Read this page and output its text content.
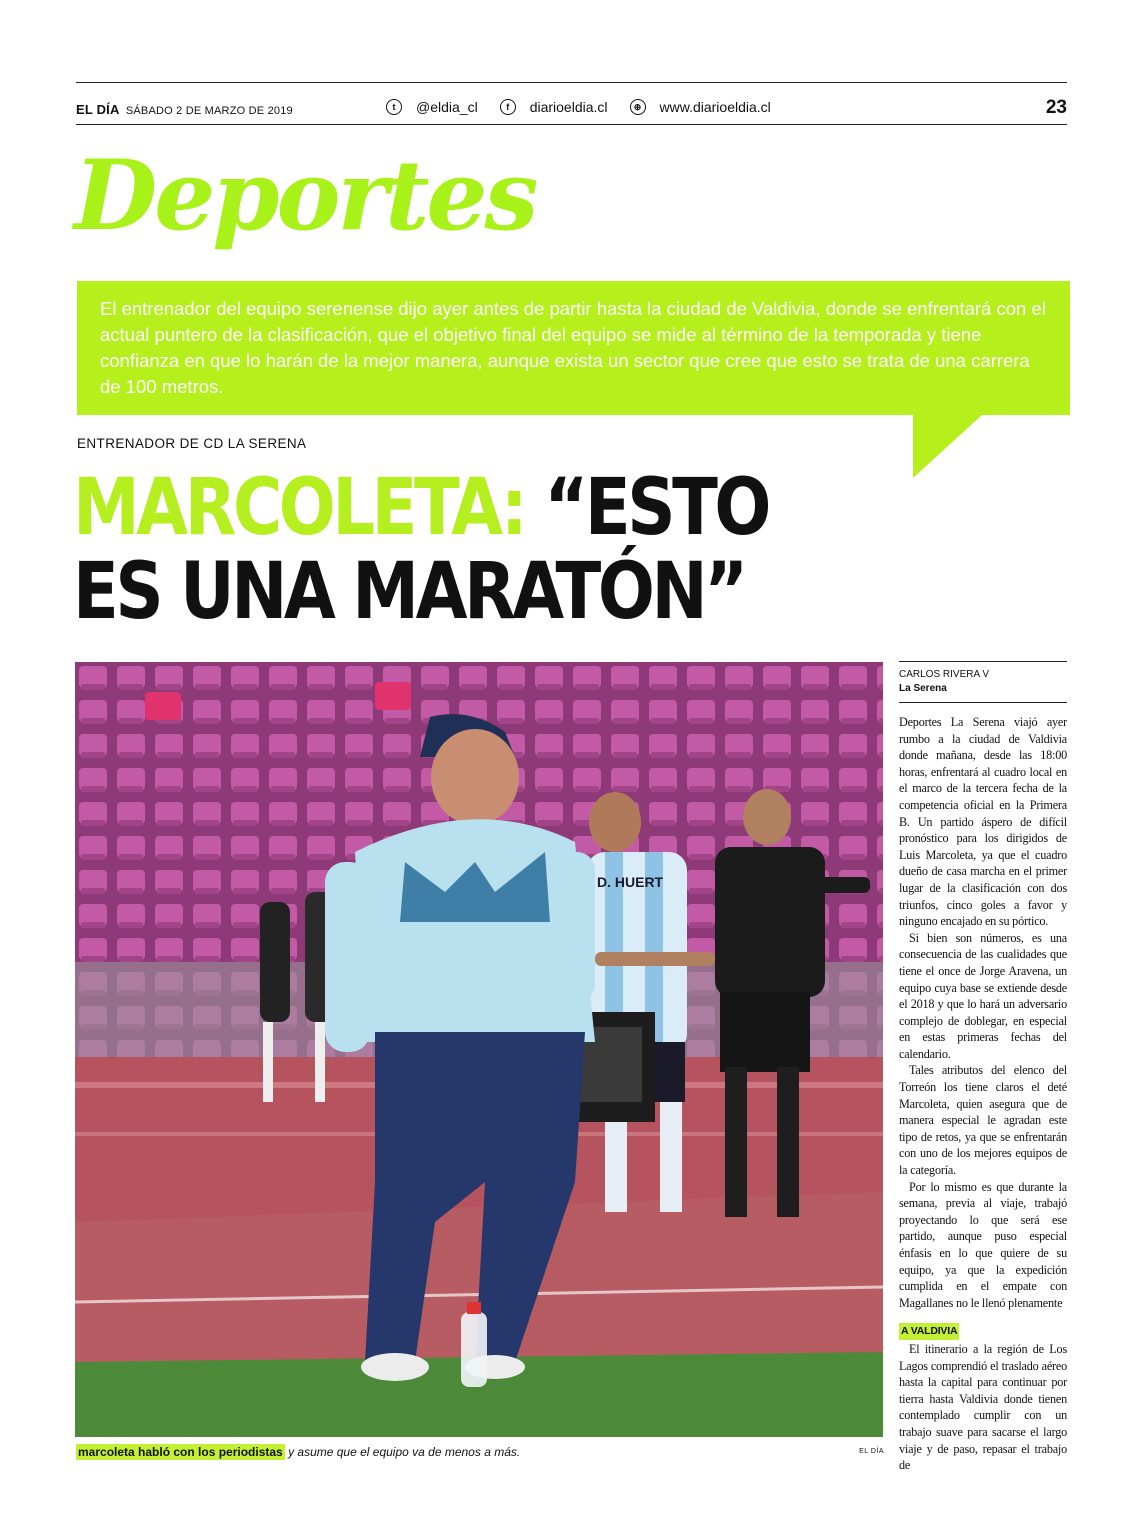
EL DÍA SÁBADO 2 DE MARZO DE 2019	t	@eldia_cl	f	diarioeldia.cl	⊕	www.diarioeldia.cl	23
Deportes

El entrenador del equipo serenense dijo ayer antes de partir hasta la ciudad de Valdivia, donde se enfrentará con el actual puntero de la clasificación, que el objetivo final del equipo se mide al término de la temporada y tiene confianza en que lo harán de la mejor manera, aunque exista un sector que cree que esto se trata de una carrera de 100 metros.

ENTRENADOR DE CD LA SERENA
MARCOLETA: “ESTO
ES UNA MARATÓN”
D. HUERT
marcoleta habló con los periodistas y asume que el equipo va de menos a más.	EL DÍA
CARLOS RIVERA V
La Serena

Deportes La Serena viajó ayer rumbo a la ciudad de Valdivia donde mañana, desde las 18:00 horas, enfrentará al cuadro local en el marco de la tercera fecha de la competencia oficial en la Primera B. Un partido áspero de difícil pronóstico para los dirigidos de Luis Marcoleta, ya que el cuadro dueño de casa marcha en el primer lugar de la clasificación con dos triunfos, cinco goles a favor y ninguno encajado en su pórtico.

Si bien son números, es una consecuencia de las cualidades que tiene el once de Jorge Aravena, un equipo cuya base se extiende desde el 2018 y que lo hará un adversario complejo de doblegar, en especial en estas primeras fechas del calendario.

Tales atributos del elenco del Torreón los tiene claros el deté Marcoleta, quien asegura que de manera especial le agradan este tipo de retos, ya que se enfrentarán con uno de los mejores equipos de la categoría.

Por lo mismo es que durante la semana, previa al viaje, trabajó proyectando lo que será ese partido, aunque puso especial énfasis en lo que quiere de su equipo, ya que la expedición cumplida en el empate con Magallanes no le llenó plenamente

A VALDIVIA

El itinerario a la región de Los Lagos comprendió el traslado aéreo hasta la capital para continuar por tierra hasta Valdivia donde tienen contemplado cumplir con un trabajo suave para sacarse el largo viaje y de paso, repasar el trabajo de
